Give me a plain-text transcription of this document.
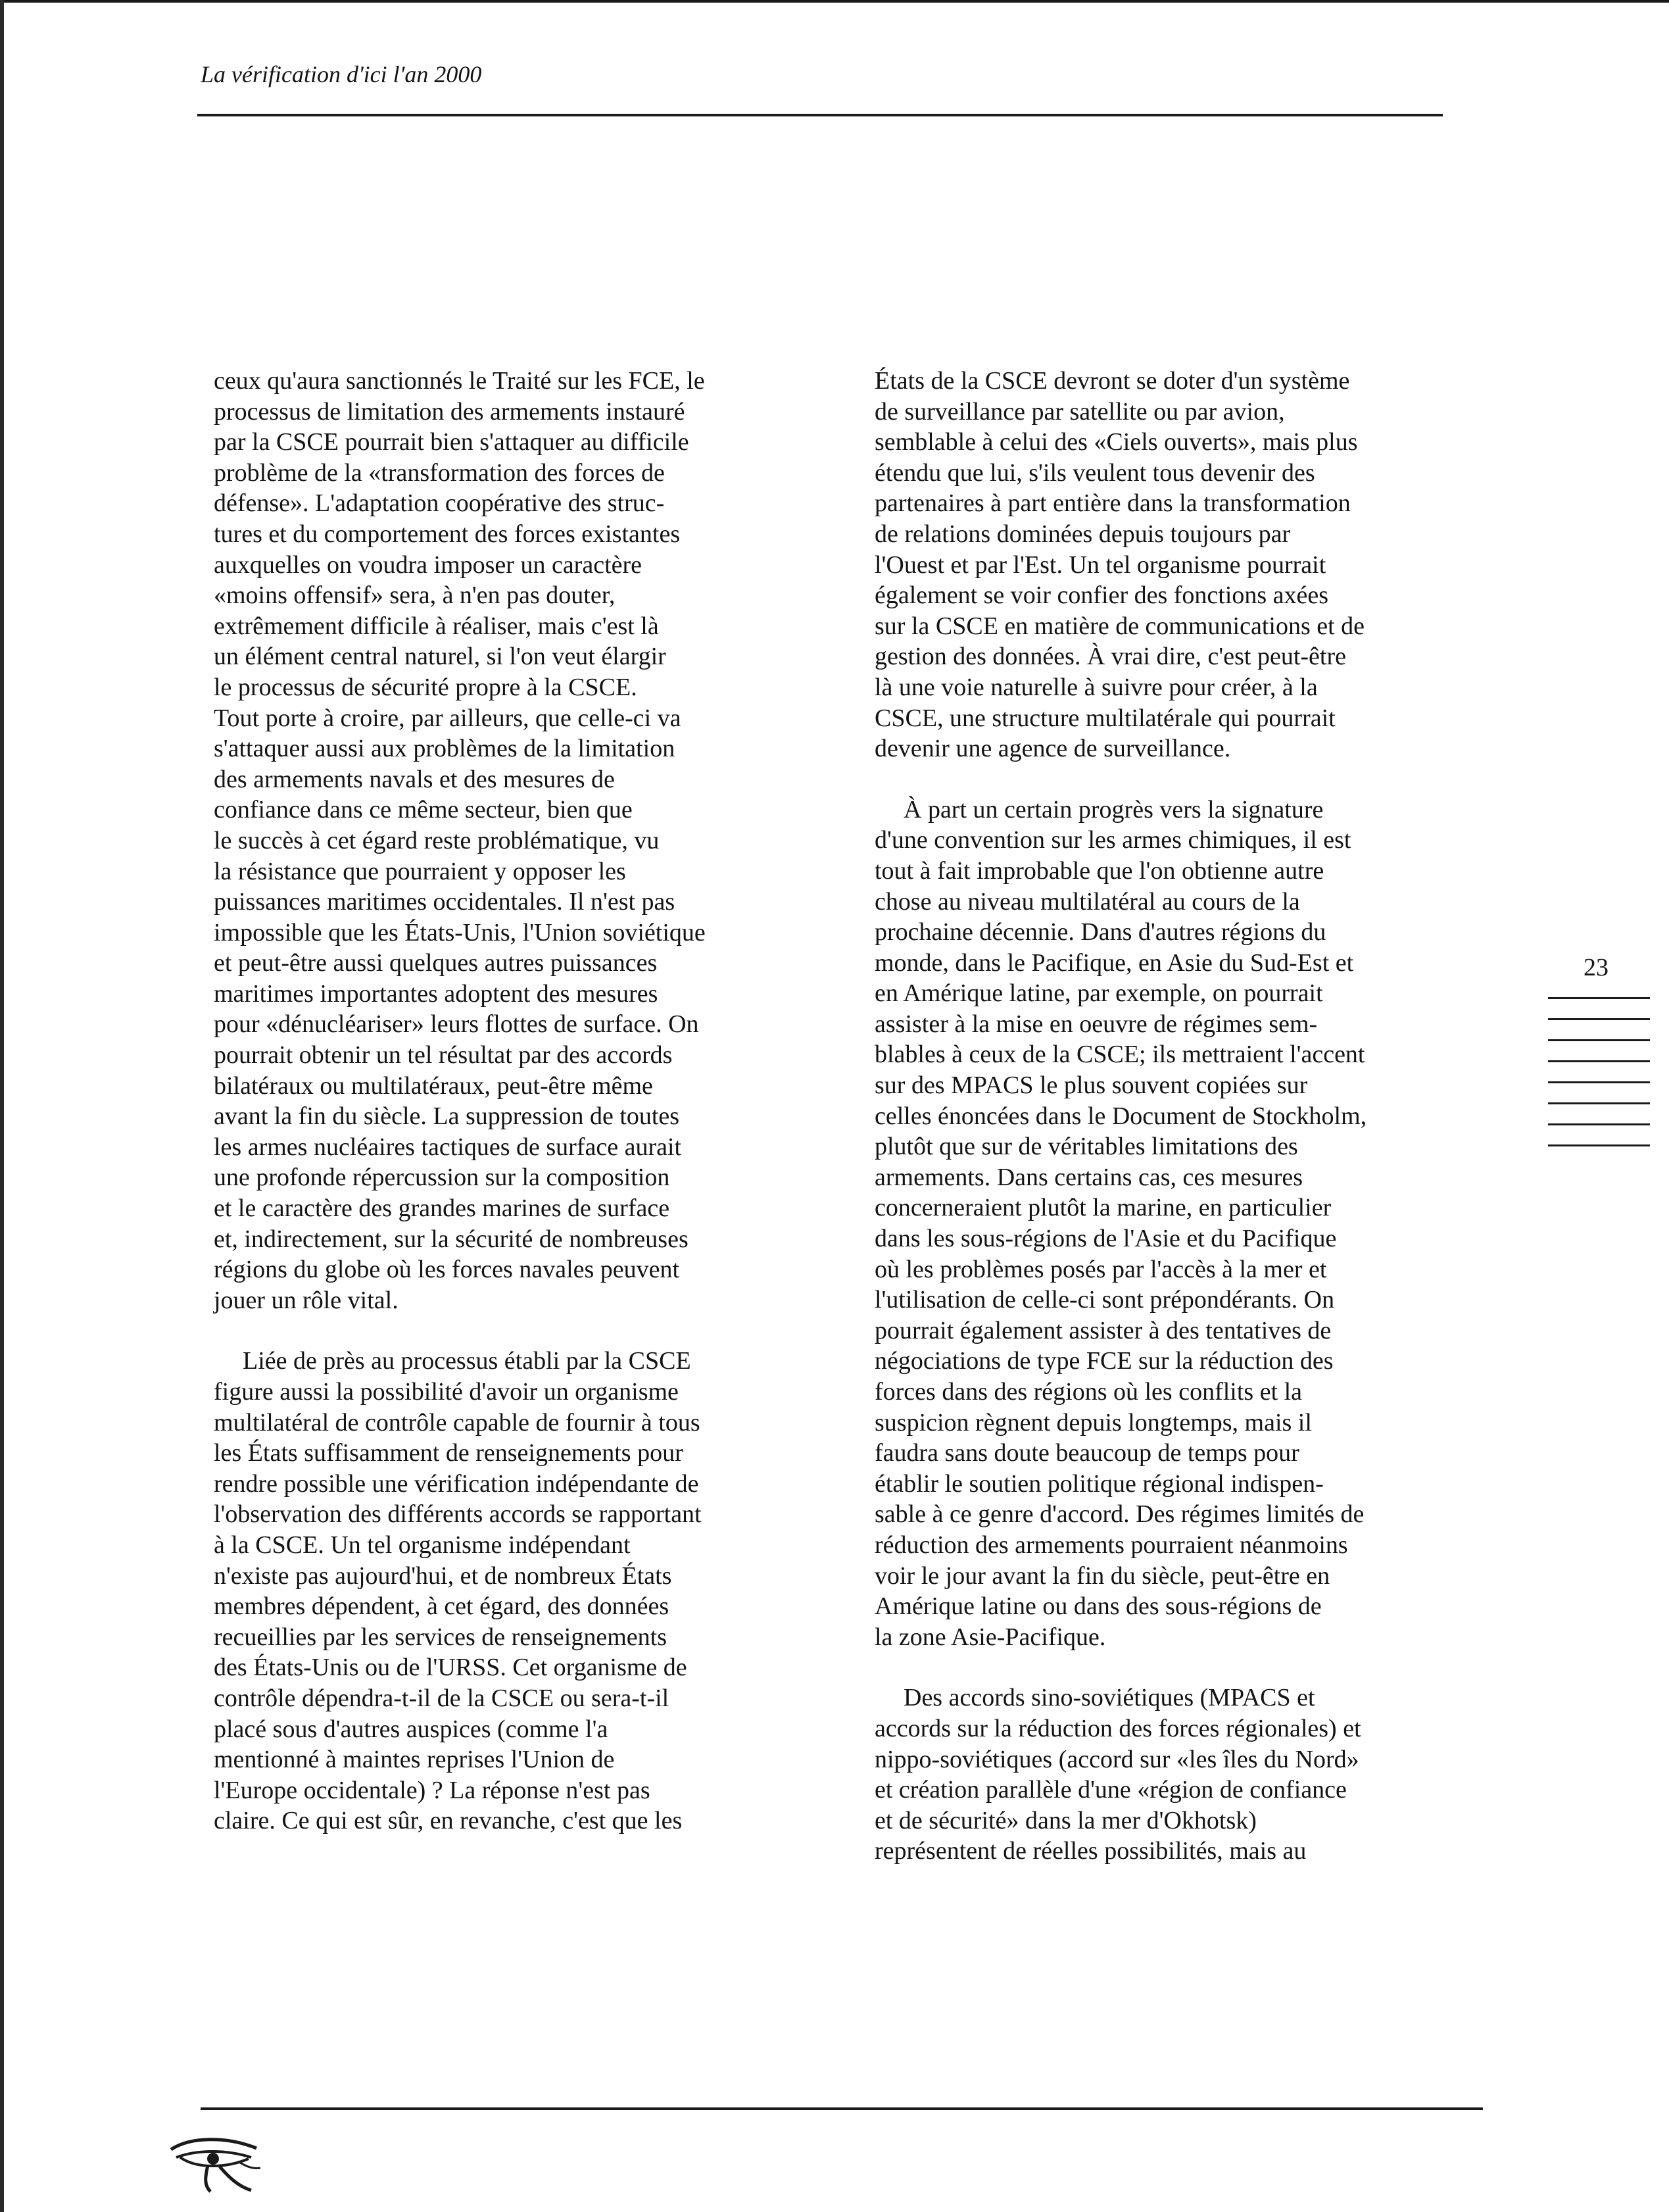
La vérification d'ici l'an 2000
ceux qu'aura sanctionnés le Traité sur les FCE, le
processus de limitation des armements instauré
par la CSCE pourrait bien s'attaquer au difficile
problème de la «transformation des forces de
défense». L'adaptation coopérative des struc-
tures et du comportement des forces existantes
auxquelles on voudra imposer un caractère
«moins offensif» sera, à n'en pas douter,
extrêmement difficile à réaliser, mais c'est là
un élément central naturel, si l'on veut élargir
le processus de sécurité propre à la CSCE.
Tout porte à croire, par ailleurs, que celle-ci va
s'attaquer aussi aux problèmes de la limitation
des armements navals et des mesures de
confiance dans ce même secteur, bien que
le succès à cet égard reste problématique, vu
la résistance que pourraient y opposer les
puissances maritimes occidentales. Il n'est pas
impossible que les États-Unis, l'Union soviétique
et peut-être aussi quelques autres puissances
maritimes importantes adoptent des mesures
pour «dénucléariser» leurs flottes de surface. On
pourrait obtenir un tel résultat par des accords
bilatéraux ou multilatéraux, peut-être même
avant la fin du siècle. La suppression de toutes
les armes nucléaires tactiques de surface aurait
une profonde répercussion sur la composition
et le caractère des grandes marines de surface
et, indirectement, sur la sécurité de nombreuses
régions du globe où les forces navales peuvent
jouer un rôle vital.
Liée de près au processus établi par la CSCE
figure aussi la possibilité d'avoir un organisme
multilatéral de contrôle capable de fournir à tous
les États suffisamment de renseignements pour
rendre possible une vérification indépendante de
l'observation des différents accords se rapportant
à la CSCE. Un tel organisme indépendant
n'existe pas aujourd'hui, et de nombreux États
membres dépendent, à cet égard, des données
recueillies par les services de renseignements
des États-Unis ou de l'URSS. Cet organisme de
contrôle dépendra-t-il de la CSCE ou sera-t-il
placé sous d'autres auspices (comme l'a
mentionné à maintes reprises l'Union de
l'Europe occidentale) ? La réponse n'est pas
claire. Ce qui est sûr, en revanche, c'est que les
États de la CSCE devront se doter d'un système
de surveillance par satellite ou par avion,
semblable à celui des «Ciels ouverts», mais plus
étendu que lui, s'ils veulent tous devenir des
partenaires à part entière dans la transformation
de relations dominées depuis toujours par
l'Ouest et par l'Est. Un tel organisme pourrait
également se voir confier des fonctions axées
sur la CSCE en matière de communications et de
gestion des données. À vrai dire, c'est peut-être
là une voie naturelle à suivre pour créer, à la
CSCE, une structure multilatérale qui pourrait
devenir une agence de surveillance.
À part un certain progrès vers la signature
d'une convention sur les armes chimiques, il est
tout à fait improbable que l'on obtienne autre
chose au niveau multilatéral au cours de la
prochaine décennie. Dans d'autres régions du
monde, dans le Pacifique, en Asie du Sud-Est et
en Amérique latine, par exemple, on pourrait
assister à la mise en oeuvre de régimes sem-
blables à ceux de la CSCE; ils mettraient l'accent
sur des MPACS le plus souvent copiées sur
celles énoncées dans le Document de Stockholm,
plutôt que sur de véritables limitations des
armements. Dans certains cas, ces mesures
concerneraient plutôt la marine, en particulier
dans les sous-régions de l'Asie et du Pacifique
où les problèmes posés par l'accès à la mer et
l'utilisation de celle-ci sont prépondérants. On
pourrait également assister à des tentatives de
négociations de type FCE sur la réduction des
forces dans des régions où les conflits et la
suspicion règnent depuis longtemps, mais il
faudra sans doute beaucoup de temps pour
établir le soutien politique régional indispen-
sable à ce genre d'accord. Des régimes limités de
réduction des armements pourraient néanmoins
voir le jour avant la fin du siècle, peut-être en
Amérique latine ou dans des sous-régions de
la zone Asie-Pacifique.
Des accords sino-soviétiques (MPACS et
accords sur la réduction des forces régionales) et
nippo-soviétiques (accord sur «les îles du Nord»
et création parallèle d'une «région de confiance
et de sécurité» dans la mer d'Okhotsk)
représentent de réelles possibilités, mais au
23
